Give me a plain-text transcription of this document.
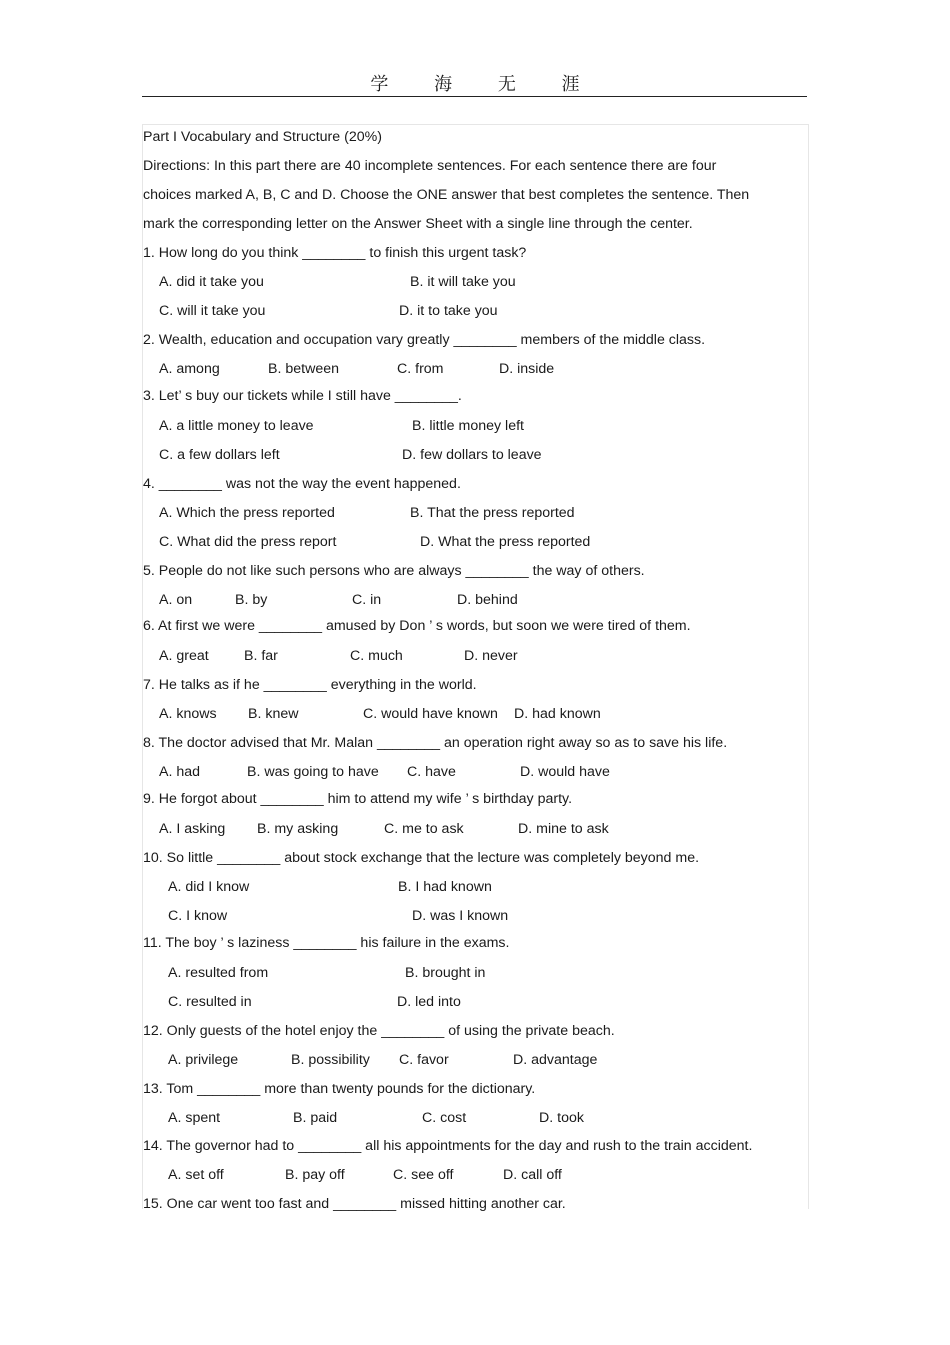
学 海 无 涯
Part I Vocabulary and Structure (20%)
Directions: In this part there are 40 incomplete sentences. For each sentence there are four
choices marked A, B, C and D. Choose the ONE answer that best completes the sentence. Then
mark the corresponding letter on the Answer Sheet with a single line through the center.
1. How long do you think ________ to finish this urgent task?
A. did it take you	B. it will take you
C. will it take you	D. it to take you
2. Wealth, education and occupation vary greatly ________ members of the middle class.
A. among	B. between	C. from	D. inside
3. Let’ s buy our tickets while I still have ________.
A. a little money to leave	B. little money left
C. a few dollars left	D. few dollars to leave
4. ________ was not the way the event happened.
A. Which the press reported	B. That the press reported
C. What did the press report	D. What the press reported
5. People do not like such persons who are always ________ the way of others.
A. on	B. by	C. in	D. behind
6. At first we were ________ amused by Don ’ s words, but soon we were tired of them.
A. great B. far	C. much	D. never
7. He talks as if he ________ everything in the world.
A. knows B. knew	C. would have known D. had known
8. The doctor advised that Mr. Malan ________ an operation right away so as to save his life.
A. had	B. was going to have C. have	D. would have
9. He forgot about ________ him to attend my wife ’ s birthday party.
A. I asking B. my asking	C. me to ask	D. mine to ask
10. So little ________ about stock exchange that the lecture was completely beyond me.
A. did I know	B. I had known
C. I know	D. was I known
11. The boy ’ s laziness ________ his failure in the exams.
A. resulted from	B. brought in
C. resulted in	D. led into
12. Only guests of the hotel enjoy the ________ of using the private beach.
A. privilege	B. possibility C. favor	D. advantage
13. Tom ________ more than twenty pounds for the dictionary.
A. spent	B. paid	C. cost	D. took
14. The governor had to ________ all his appointments for the day and rush to the train accident.
A. set off	B. pay off	C. see off	D. call off
15. One car went too fast and ________ missed hitting another car.
